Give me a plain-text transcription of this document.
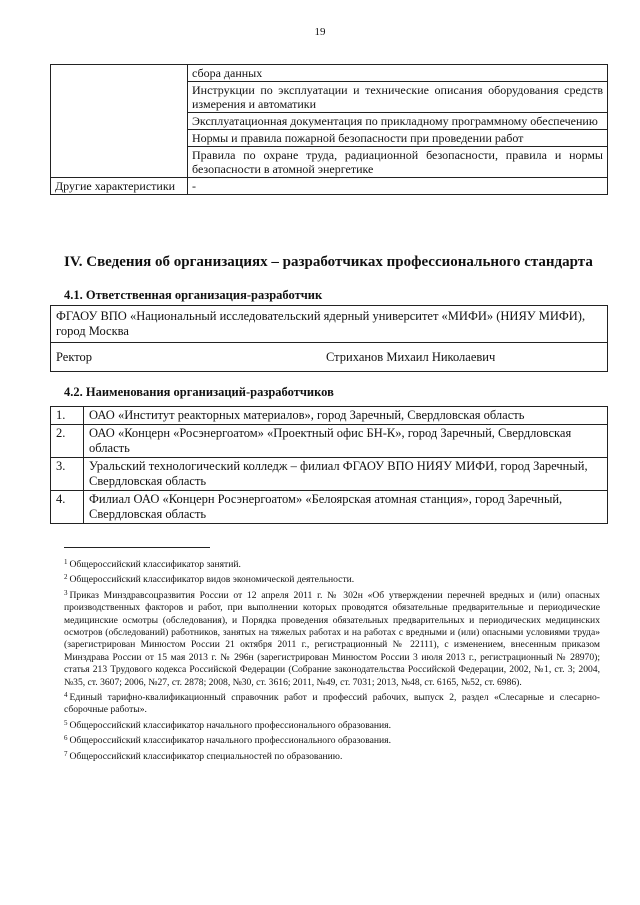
19
	сбора данных
	Инструкции по эксплуатации и технические описания оборудования средств измерения и автоматики
	Эксплуатационная документация по прикладному программному обеспечению
	Нормы и правила пожарной безопасности при проведении работ
	Правила по охране труда, радиационной безопасности, правила и нормы безопасности в атомной энергетике
Другие характеристики	-
IV. Сведения об организациях – разработчиках профессионального стандарта
4.1. Ответственная организация-разработчик
ФГАОУ ВПО «Национальный исследовательский ядерный университет «МИФИ» (НИЯУ МИФИ), город Москва
Ректор	Стриханов Михаил Николаевич
4.2. Наименования организаций-разработчиков
1.	ОАО «Институт реакторных материалов», город Заречный, Свердловская область
2.	ОАО «Концерн «Росэнергоатом» «Проектный офис БН-К», город Заречный, Свердловская область
3.	Уральский технологический колледж – филиал ФГАОУ ВПО НИЯУ МИФИ, город Заречный, Свердловская область
4.	Филиал ОАО «Концерн Росэнергоатом» «Белоярская атомная станция», город Заречный, Свердловская область

$^1$ Общероссийский классификатор занятий.

$^2$ Общероссийский классификатор видов экономической деятельности.

$^3$ Приказ Минздравсоцразвития России от 12 апреля 2011 г. № 302н «Об утверждении перечней вредных и (или) опасных производственных факторов и работ, при выполнении которых проводятся обязательные предварительные и периодические медицинские осмотры (обследования), и Порядка проведения обязательных предварительных и периодических медицинских осмотров (обследований) работников, занятых на тяжелых работах и на работах с вредными и (или) опасными условиями труда» (зарегистрирован Минюстом России 21 октября 2011 г., регистрационный № 22111), с изменением, внесенным приказом Минздрава России от 15 мая 2013 г. № 296н (зарегистрирован Минюстом России 3 июля 2013 г., регистрационный № 28970); статья 213 Трудового кодекса Российской Федерации (Собрание законодательства Российской Федерации, 2002, №1, ст. 3; 2004, №35, ст. 3607; 2006, №27, ст. 2878; 2008, №30, ст. 3616; 2011, №49, ст. 7031; 2013, №48, ст. 6165, №52, ст. 6986).

$^4$ Единый тарифно-квалификационный справочник работ и профессий рабочих, выпуск 2, раздел «Слесарные и слесарно-сборочные работы».

$^5$ Общероссийский классификатор начального профессионального образования.

$^6$ Общероссийский классификатор начального профессионального образования.

$^7$ Общероссийский классификатор специальностей по образованию.
